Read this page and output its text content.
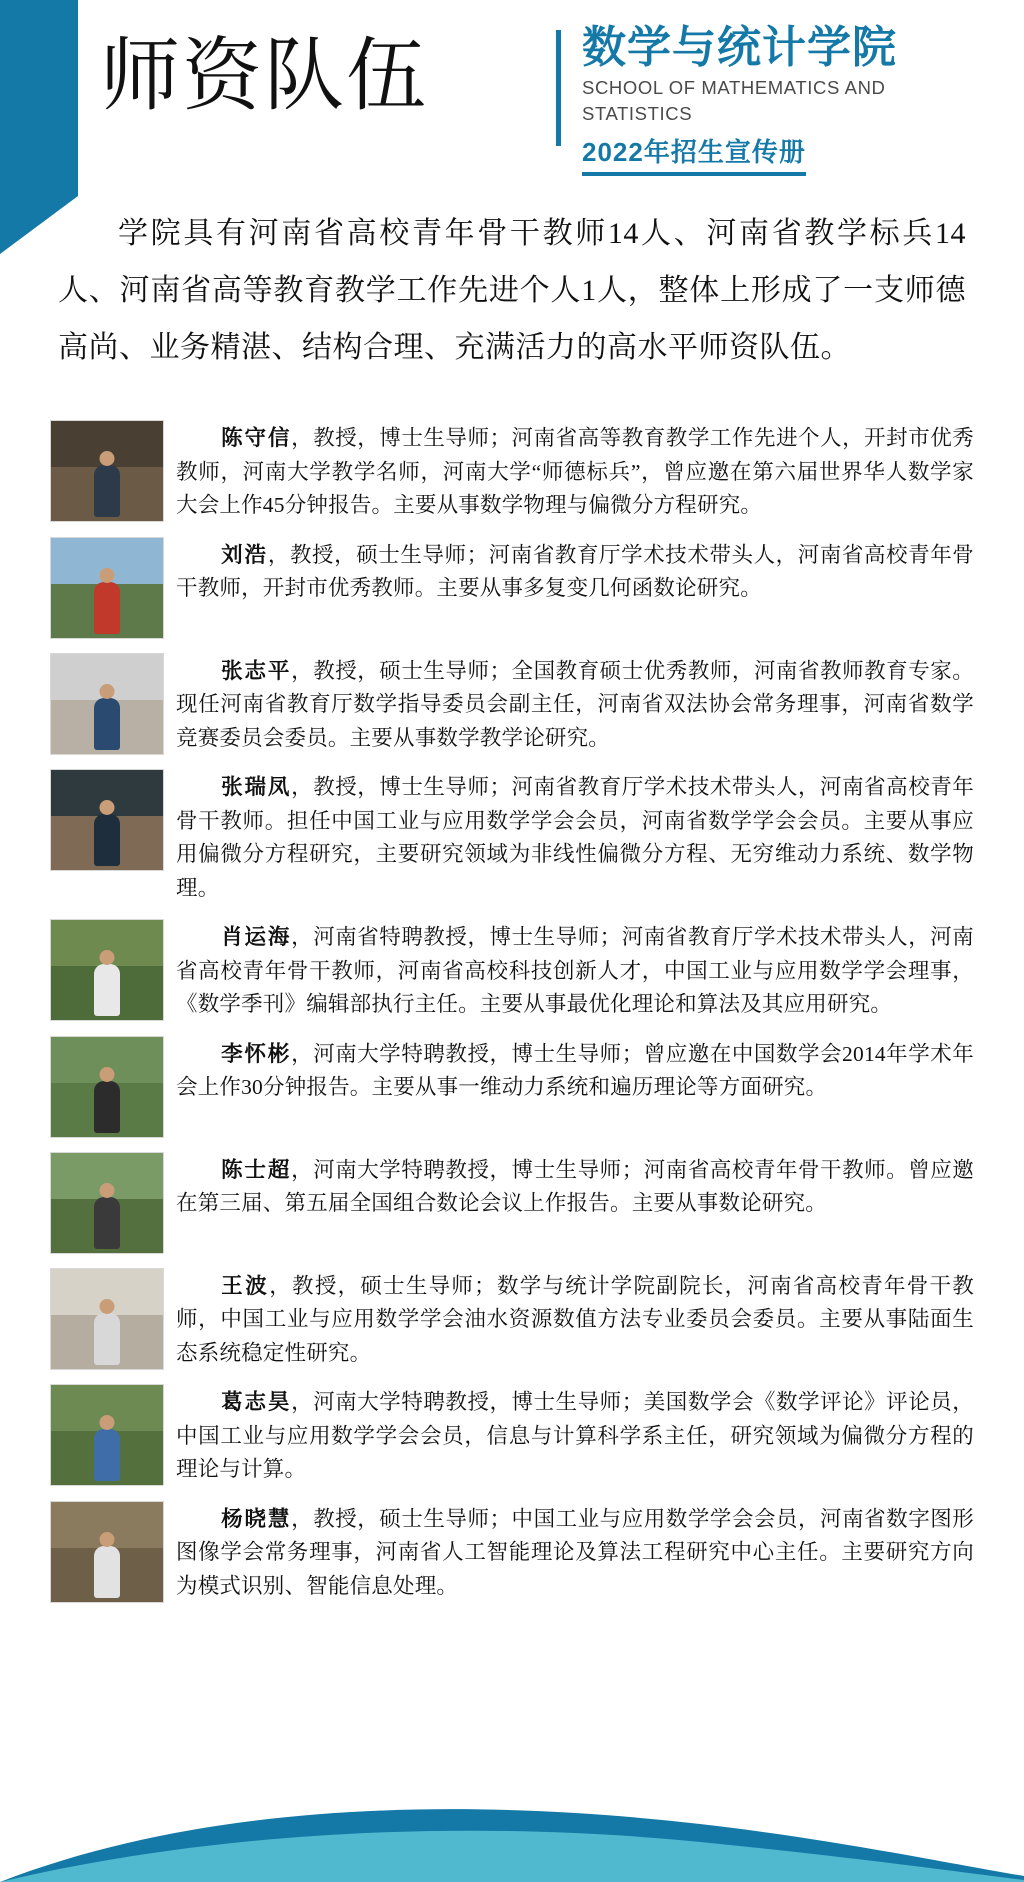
师资队伍	数学与统计学院
SCHOOL OF MATHEMATICS AND STATISTICS
2022年招生宣传册
学院具有河南省高校青年骨干教师14人、河南省教学标兵14人、河南省高等教育教学工作先进个人1人，整体上形成了一支师德高尚、业务精湛、结构合理、充满活力的高水平师资队伍。
陈守信，教授，博士生导师；河南省高等教育教学工作先进个人，开封市优秀教师，河南大学教学名师，河南大学“师德标兵”，曾应邀在第六届世界华人数学家大会上作45分钟报告。主要从事数学物理与偏微分方程研究。
刘浩，教授，硕士生导师；河南省教育厅学术技术带头人，河南省高校青年骨干教师，开封市优秀教师。主要从事多复变几何函数论研究。
张志平，教授，硕士生导师；全国教育硕士优秀教师，河南省教师教育专家。现任河南省教育厅数学指导委员会副主任，河南省双法协会常务理事，河南省数学竞赛委员会委员。主要从事数学教学论研究。
张瑞凤，教授，博士生导师；河南省教育厅学术技术带头人，河南省高校青年骨干教师。担任中国工业与应用数学学会会员，河南省数学学会会员。主要从事应用偏微分方程研究，主要研究领域为非线性偏微分方程、无穷维动力系统、数学物理。
肖运海，河南省特聘教授，博士生导师；河南省教育厅学术技术带头人，河南省高校青年骨干教师，河南省高校科技创新人才，中国工业与应用数学学会理事，《数学季刊》编辑部执行主任。主要从事最优化理论和算法及其应用研究。
李怀彬，河南大学特聘教授，博士生导师；曾应邀在中国数学会2014年学术年会上作30分钟报告。主要从事一维动力系统和遍历理论等方面研究。
陈士超，河南大学特聘教授，博士生导师；河南省高校青年骨干教师。曾应邀在第三届、第五届全国组合数论会议上作报告。主要从事数论研究。
王波，教授，硕士生导师；数学与统计学院副院长，河南省高校青年骨干教师，中国工业与应用数学学会油水资源数值方法专业委员会委员。主要从事陆面生态系统稳定性研究。
葛志昊，河南大学特聘教授，博士生导师；美国数学会《数学评论》评论员，中国工业与应用数学学会会员，信息与计算科学系主任，研究领域为偏微分方程的理论与计算。
杨晓慧，教授，硕士生导师；中国工业与应用数学学会会员，河南省数字图形图像学会常务理事，河南省人工智能理论及算法工程研究中心主任。主要研究方向为模式识别、智能信息处理。
